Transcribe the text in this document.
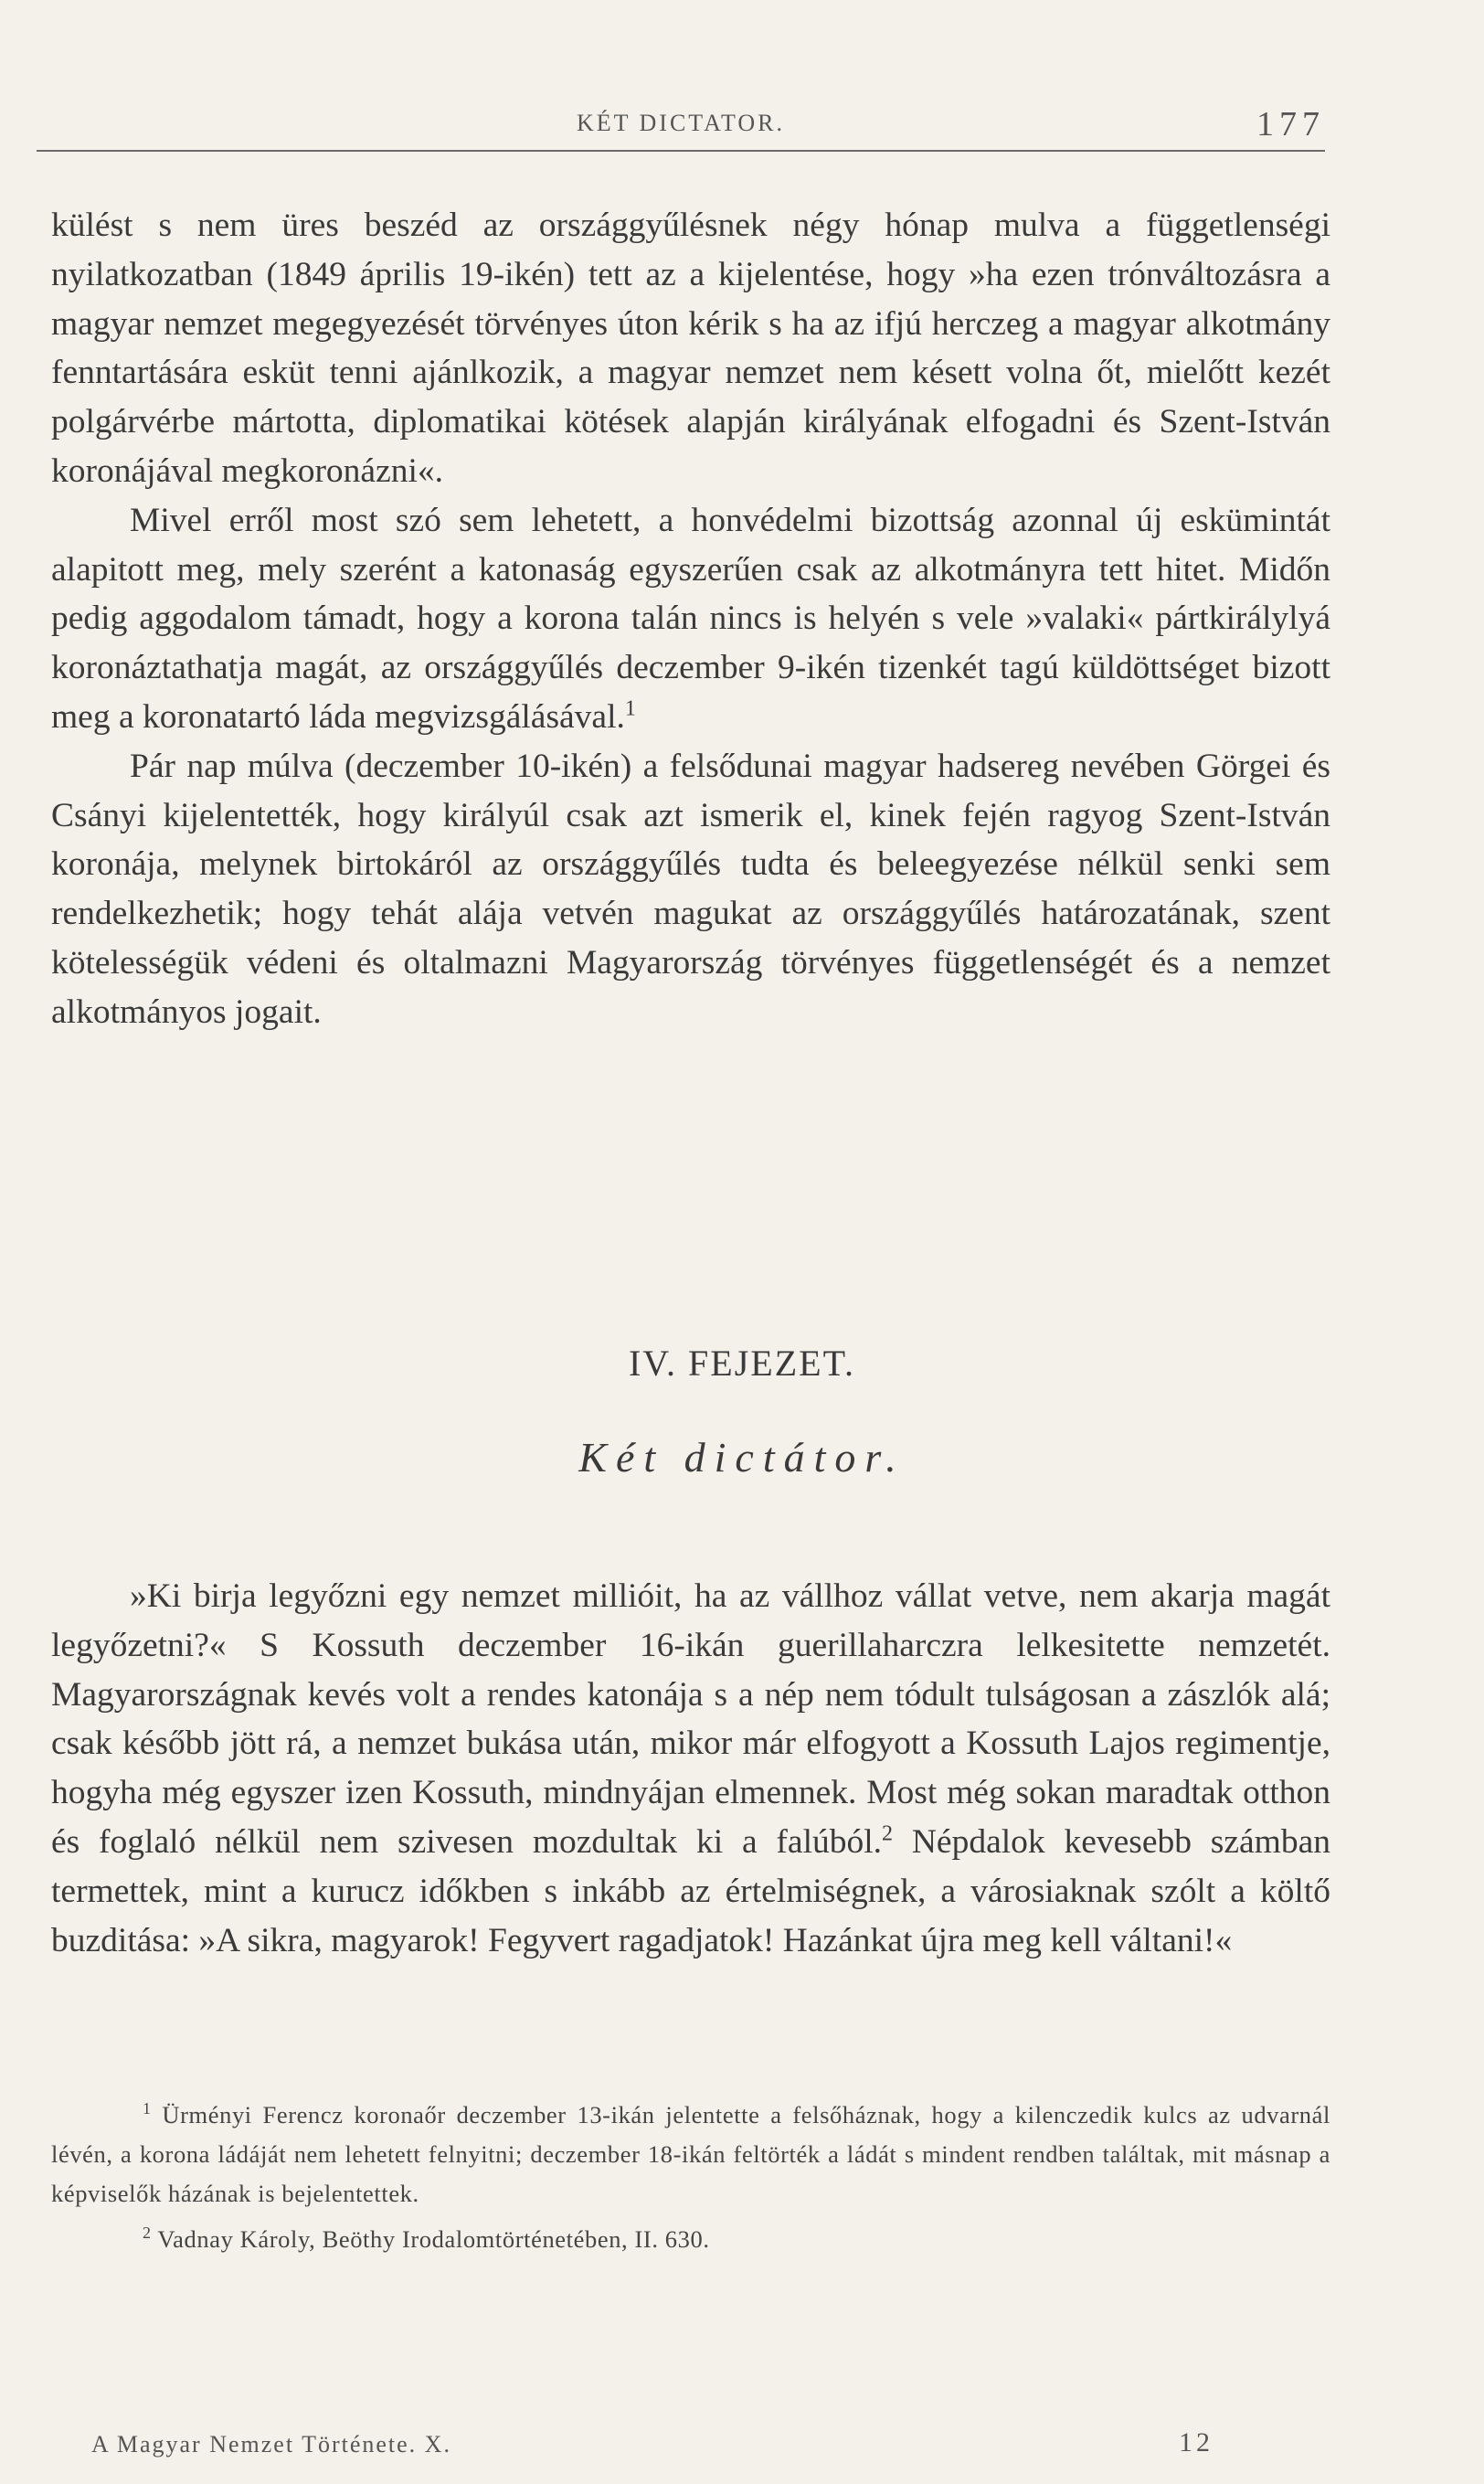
KÉT DICTATOR.	177

külést s nem üres beszéd az országgyűlésnek négy hónap mulva a függetlenségi nyilatkozatban (1849 április 19-ikén) tett az a kijelentése, hogy »ha ezen trónváltozásra a magyar nemzet megegyezését törvényes úton kérik s ha az ifjú herczeg a magyar alkotmány fenntartására esküt tenni ajánlkozik, a magyar nemzet nem késett volna őt, mielőtt kezét polgárvérbe mártotta, diplomatikai kötések alapján királyának elfogadni és Szent-István koronájával megkoronázni«.

Mivel erről most szó sem lehetett, a honvédelmi bizottság azonnal új eskümintát alapitott meg, mely szerént a katonaság egyszerűen csak az alkotmányra tett hitet. Midőn pedig aggodalom támadt, hogy a korona talán nincs is helyén s vele »valaki« pártkirálylyá koronáztathatja magát, az országgyűlés deczember 9-ikén tizenkét tagú küldöttséget bizott meg a koronatartó láda megvizsgálásával.$^1$

Pár nap múlva (deczember 10-ikén) a felsődunai magyar hadsereg nevében Görgei és Csányi kijelentették, hogy királyúl csak azt ismerik el, kinek fején ragyog Szent-István koronája, melynek birtokáról az országgyűlés tudta és beleegyezése nélkül senki sem rendelkezhetik; hogy tehát alája vetvén magukat az országgyűlés határozatának, szent kötelességük védeni és oltalmazni Magyarország törvényes függetlenségét és a nemzet alkotmányos jogait.

IV. FEJEZET.
Két dictátor.

»Ki birja legyőzni egy nemzet millióit, ha az vállhoz vállat vetve, nem akarja magát legyőzetni?« S Kossuth deczember 16-ikán guerillaharczra lelkesitette nemzetét. Magyarországnak kevés volt a rendes katonája s a nép nem tódult tulságosan a zászlók alá; csak később jött rá, a nemzet bukása után, mikor már elfogyott a Kossuth Lajos regimentje, hogyha még egyszer izen Kossuth, mindnyájan elmennek. Most még sokan maradtak otthon és foglaló nélkül nem szivesen mozdultak ki a falúból.$^2$ Népdalok kevesebb számban termettek, mint a kurucz időkben s inkább az értelmiségnek, a városiaknak szólt a költő buzditása: »A sikra, magyarok! Fegyvert ragadjatok! Hazánkat újra meg kell váltani!«

$^1$ Ürményi Ferencz koronaőr deczember 13-ikán jelentette a felsőháznak, hogy a kilenczedik kulcs az udvarnál lévén, a korona ládáját nem lehetett felnyitni; deczember 18-ikán feltörték a ládát s mindent rendben találtak, mit másnap a képviselők házának is bejelentettek.

$^2$ Vadnay Károly, Beöthy Irodalomtörténetében, II. 630.

A Magyar Nemzet Története. X.	12
